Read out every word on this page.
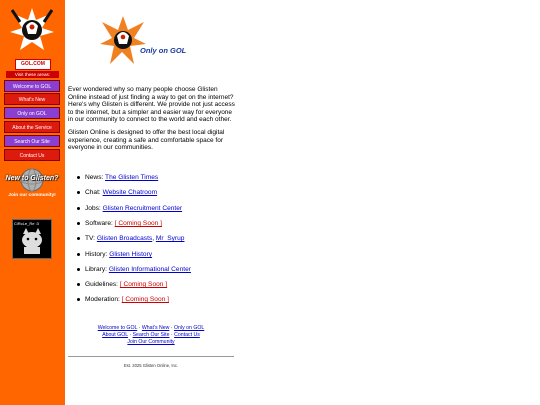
GOL.COM
Visit these areas:
Welcome to GOL
What's New
Only on GOL
About the Service
Search Our Site
Contact Us
New to Glisten?
Join our community!
CiRcLe_Re :3
Only on GOL

Ever wondered why so many people choose Glisten Online instead of just finding a way to get on the internet? Here's why Glisten is different. We provide not just access to the internet, but a simpler and easier way for everyone in our community to connect to the world and each other.

Glisten Online is designed to offer the best local digital experience, creating a safe and comfortable space for everyone in our communities.

News: The Glisten Times
Chat: Website Chatroom
Jobs: Glisten Recruitment Center
Software: [ Coming Soon ]
TV: Glisten Broadcasts, Mr_Syrup
History: Glisten History
Library: Glisten Informational Center
Guidelines: [ Coming Soon ]
Moderation: [ Coming Soon ]
Welcome to GOL · What's New · Only on GOL
About GOL · Search Our Site · Contact Us
Join Our Community
Est. 2025 Glisten Online, Inc.
